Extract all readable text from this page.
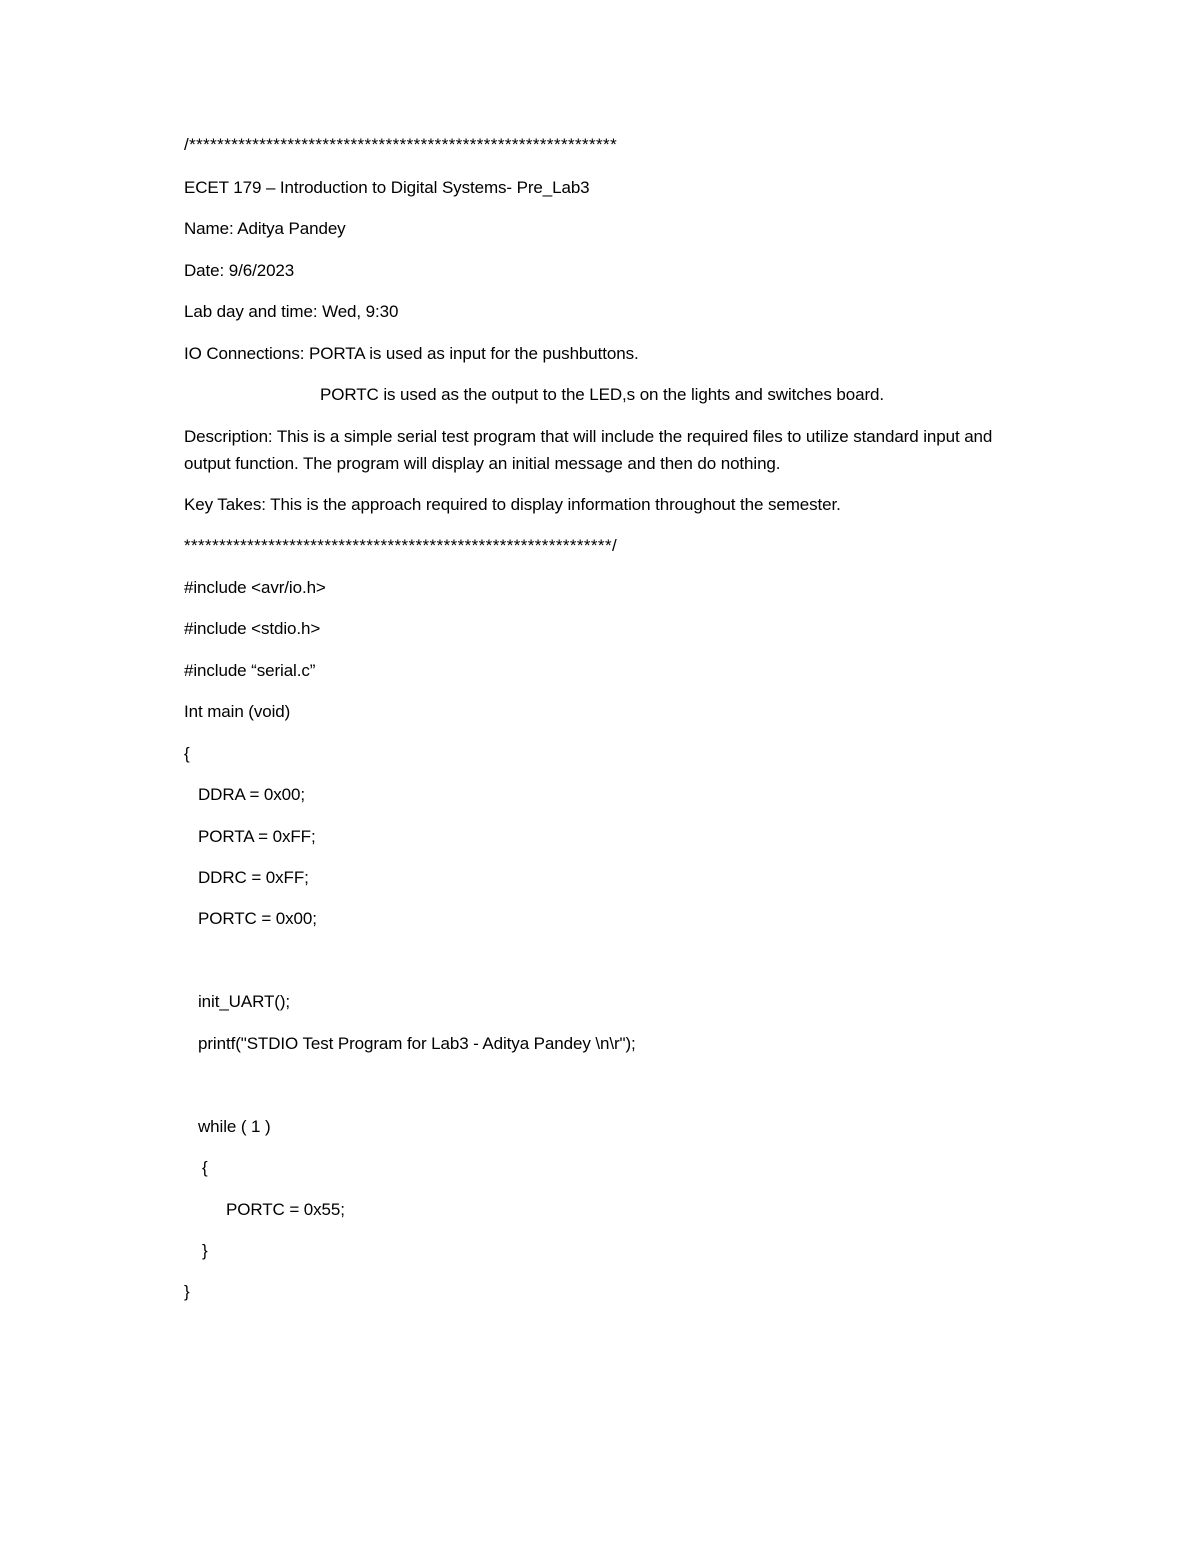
/*************************************************************
ECET 179 – Introduction to Digital Systems- Pre_Lab3
Name: Aditya Pandey
Date: 9/6/2023
Lab day and time: Wed, 9:30
IO Connections: PORTA is used as input for the pushbuttons.
PORTC is used as the output to the LED,s on the lights and switches board.
Description: This is a simple serial test program that will include the required files to utilize standard input and output function. The program will display an initial message and then do nothing.
Key Takes: This is the approach required to display information throughout the semester.
*************************************************************/
#include <avr/io.h>
#include <stdio.h>
#include “serial.c”
Int main (void)
{
DDRA = 0x00;
PORTA = 0xFF;
DDRC = 0xFF;
PORTC = 0x00;
init_UART();
printf("STDIO Test Program for Lab3 - Aditya Pandey \n\r");
while ( 1 )
{
PORTC = 0x55;
}
}
